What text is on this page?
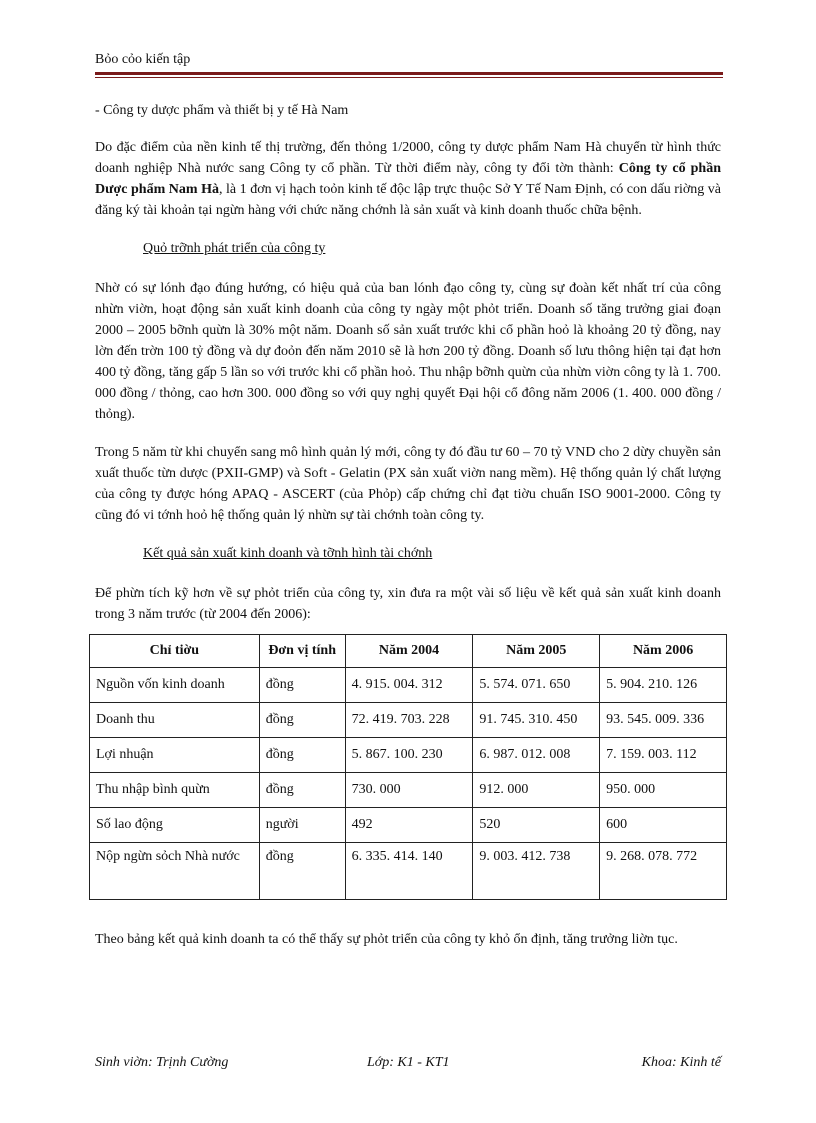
Bỏo cỏo kiến tập

- Công ty dược phẩm và thiết bị y tế Hà Nam

Do đặc điểm của nền kinh tế thị trường, đến thỏng 1/2000, công ty dược phẩm Nam Hà chuyển từ hình thức doanh nghiệp Nhà nước sang Công ty cổ phần. Từ thời điểm này, công ty đổi tờn thành: Công ty cổ phần Dược phẩm Nam Hà, là 1 đơn vị hạch toỏn kinh tế độc lập trực thuộc Sở Y Tế Nam Định, có con dấu riờng và đăng ký tài khoản tại ngừn hàng với chức năng chớnh là sản xuất và kinh doanh thuốc chữa bệnh.

Quỏ trỡnh phát triển của công ty

Nhờ có sự lónh đạo đúng hướng, có hiệu quả của ban lónh đạo công ty, cùng sự đoàn kết nhất trí của công nhừn viờn, hoạt động sản xuất kinh doanh của công ty ngày một phỏt triển. Doanh số tăng trưởng giai đoạn 2000 – 2005 bỡnh quừn là 30% một năm. Doanh số sản xuất trước khi cổ phần hoỏ là khoảng 20 tỷ đồng, nay lờn đến trờn 100 tỷ đồng và dự đoỏn đến năm 2010 sẽ là hơn 200 tỷ đồng. Doanh số lưu thông hiện tại đạt hơn 400 tỷ đồng, tăng gấp 5 lần so với trước khi cổ phần hoỏ. Thu nhập bỡnh quừn của nhừn viờn công ty là 1. 700. 000 đồng / thỏng, cao hơn 300. 000 đồng so với quy nghị quyết Đại hội cổ đông năm 2006 (1. 400. 000 đồng / thỏng).

Trong 5 năm từ khi chuyển sang mô hình quản lý mới, công ty đó đầu tư 60 – 70 tỷ VND cho 2 dừy chuyền sản xuất thuốc từn dược (PXII-GMP) và Soft - Gelatin (PX sản xuất viờn nang mềm). Hệ thống quản lý chất lượng của công ty được hóng APAQ - ASCERT (của Phỏp) cấp chứng chỉ đạt tiờu chuẩn ISO 9001-2000. Công ty cũng đó vi tớnh hoỏ hệ thống quản lý nhừn sự tài chớnh toàn công ty.

Kết quả sản xuất kinh doanh và tỡnh hình tài chớnh

Để phừn tích kỹ hơn về sự phỏt triển của công ty, xin đưa ra một vài số liệu về kết quả sản xuất kinh doanh trong 3 năm trước (từ 2004 đến 2006):

Chỉ tiờu	Đơn vị tính	Năm 2004	Năm 2005	Năm 2006
Nguồn vốn kinh doanh	đồng	4. 915. 004. 312	5. 574. 071. 650	5. 904. 210. 126
Doanh thu	đồng	72. 419. 703. 228	91. 745. 310. 450	93. 545. 009. 336
Lợi nhuận	đồng	5. 867. 100. 230	6. 987. 012. 008	7. 159. 003. 112
Thu nhập bình quừn	đồng	730. 000	912. 000	950. 000
Số lao động	người	492	520	600
Nộp ngừn sỏch Nhà nước	đồng	6. 335. 414. 140	9. 003. 412. 738	9. 268. 078. 772

Theo bảng kết quả kinh doanh ta có thể thấy sự phỏt triển của công ty khỏ ổn định, tăng trưởng liờn tục.

Sinh viờn: Trịnh Cường	Lớp: K1 - KT1	Khoa: Kinh tế
